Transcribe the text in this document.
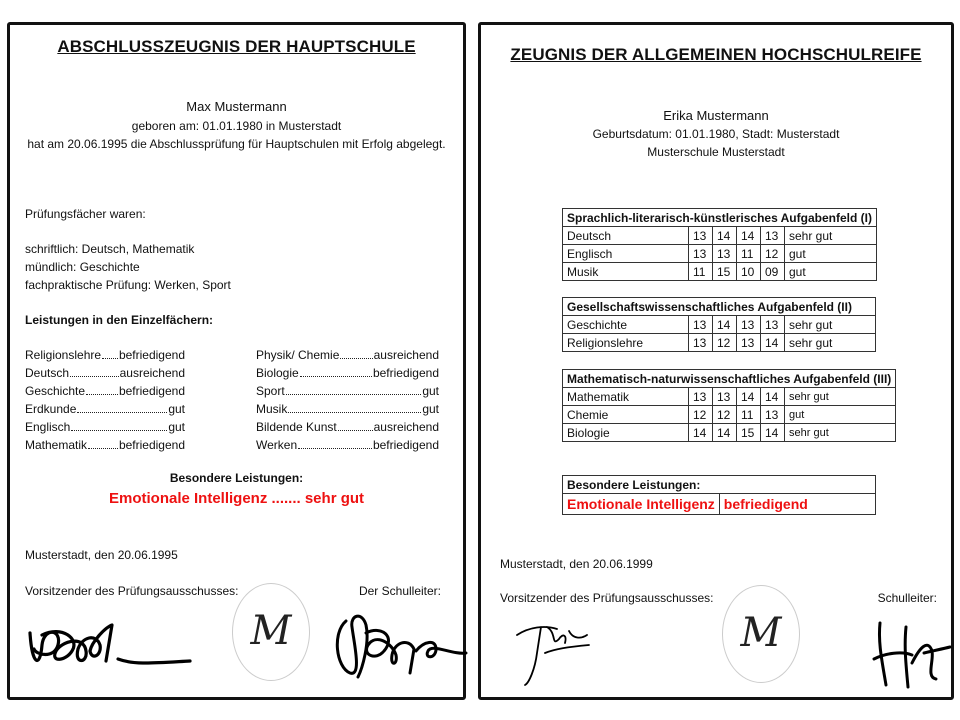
ABSCHLUSSZEUGNIS DER HAUPTSCHULE
Max Mustermann
geboren am: 01.01.1980 in Musterstadt
hat am 20.06.1995 die Abschlussprüfung für Hauptschulen mit Erfolg abgelegt.
Prüfungsfächer waren:
schriftlich: Deutsch, Mathematik
mündlich: Geschichte
fachpraktische Prüfung: Werken, Sport
Leistungen in den Einzelfächern:
Religionslehre befriedigend
Deutsch	ausreichend
Geschichte	befriedigend
Erdkunde	gut
Englisch	gut
Mathematik	befriedigend
Physik/ Chemie	ausreichend
Biologie	befriedigend
Sport	gut
Musik	gut
Bildende Kunst	ausreichend
Werken	befriedigend
Besondere Leistungen:
Emotionale Intelligenz ....... sehr gut
Musterstadt, den 20.06.1995
Vorsitzender des Prüfungsausschusses:	Der Schulleiter:
M
ZEUGNIS DER ALLGEMEINEN HOCHSCHULREIFE
Erika Mustermann
Geburtsdatum: 01.01.1980, Stadt: Musterstadt
Musterschule Musterstadt
Sprachlich-literarisch-künstlerisches Aufgabenfeld (I)					
Deutsch	13	14	14	13	sehr gut
Englisch	13	13	11	12	gut
Musik	11	15	10	09	gut
Gesellschaftswissenschaftliches Aufgabenfeld (II)					
Geschichte	13	14	13	13	sehr gut
Religionslehre	13	12	13	14	sehr gut
Mathematisch-naturwissenschaftliches Aufgabenfeld (III)					
Mathematik	13	13	14	14	sehr gut
Chemie	12	12	11	13	gut
Biologie	14	14	15	14	sehr gut
Besondere Leistungen:
Emotionale Intelligenz	befriedigend
Musterstadt, den 20.06.1999
Vorsitzender des Prüfungsausschusses:	Schulleiter:
M
